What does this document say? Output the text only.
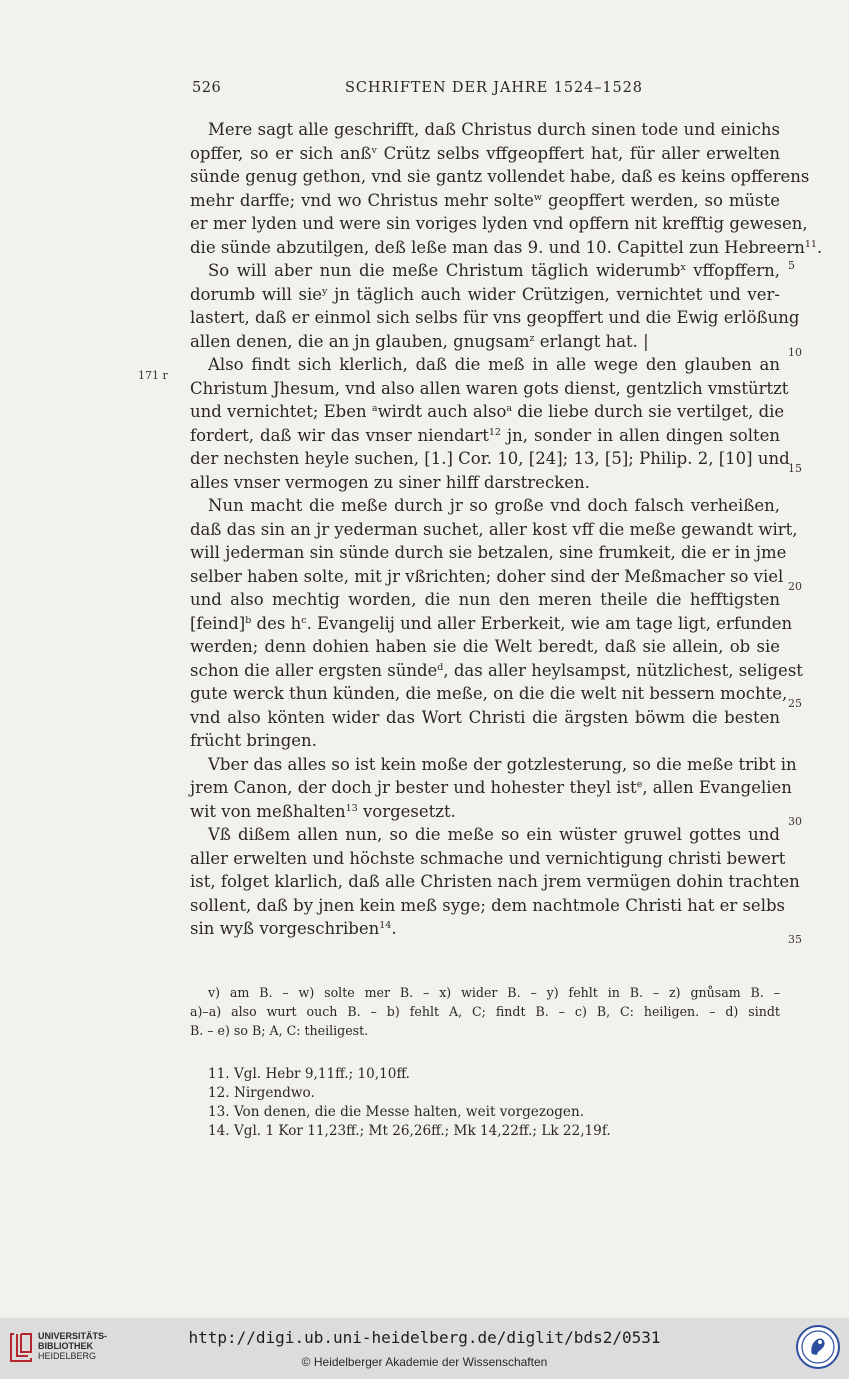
526	SCHRIFTEN DER JAHRE 1524–1528
Mere sagt alle geschrifft, daß Christus durch sinen tode und einichs
opffer, so er sich anß$^v$ Crütz selbs vffgeopffert hat, für aller erwelten
sünde genug gethon, vnd sie gantz vollendet habe, daß es keins opfferens
mehr darffe; vnd wo Christus mehr solte$^w$ geopffert werden, so müste
er mer lyden und were sin voriges lyden vnd opffern nit krefftig gewesen,
die sünde abzutilgen, deß leße man das 9. und 10. Capittel zun Hebreern$^{11}$.
So will aber nun die meße Christum täglich widerumb$^x$ vffopffern,
dorumb will sie$^y$ jn täglich auch wider Crützigen, vernichtet und ver-
lastert, daß er einmol sich selbs für vns geopffert und die Ewig erlößung
allen denen, die an jn glauben, gnugsam$^z$ erlangt hat. |
Also findt sich klerlich, daß die meß in alle wege den glauben an
Christum Jhesum, vnd also allen waren gots dienst, gentzlich vmstürtzt
und vernichtet; Eben $^a$wirdt auch also$^a$ die liebe durch sie vertilget, die
fordert, daß wir das vnser niendart$^{12}$ jn, sonder in allen dingen solten
der nechsten heyle suchen, [1.] Cor. 10, [24]; 13, [5]; Philip. 2, [10] und
alles vnser vermogen zu siner hilff darstrecken.
Nun macht die meße durch jr so große vnd doch falsch verheißen,
daß das sin an jr yederman suchet, aller kost vff die meße gewandt wirt,
will jederman sin sünde durch sie betzalen, sine frumkeit, die er in jme
selber haben solte, mit jr vßrichten; doher sind der Meßmacher so viel
und also mechtig worden, die nun den meren theile die hefftigsten
[feind]$^b$ des $h^c$. Evangelij und aller Erberkeit, wie am tage ligt, erfunden
werden; denn dohien haben sie die Welt beredt, daß sie allein, ob sie
schon die aller ergsten sünde$^d$, das aller heylsampst, nützlichest, seligest
gute werck thun künden, die meße, on die die welt nit bessern mochte,
vnd also könten wider das Wort Christi die ärgsten böwm die besten
frücht bringen.
Vber das alles so ist kein moße der gotzlesterung, so die meße tribt in
jrem Canon, der doch jr bester und hohester theyl ist$^e$, allen Evangelien
wit von meßhalten$^{13}$ vorgesetzt.
Vß dißem allen nun, so die meße so ein wüster gruwel gottes und
aller erwelten und höchste schmache und vernichtigung christi bewert
ist, folget klarlich, daß alle Christen nach jrem vermügen dohin trachten
sollent, daß by jnen kein meß syge; dem nachtmole Christi hat er selbs
sin wyß vorgeschriben$^{14}$.
5
10
171 r
15
20
25
30
35
v) am B. – w) solte mer B. – x) wider B. – y) fehlt in B. – z) gnůsam B. –
a)–a) also wurt ouch B. – b) fehlt A, C; findt B. – c) B, C: heiligen. – d) sindt
B. – e) so B; A, C: theiligest.
11. Vgl. Hebr 9,11ff.; 10,10ff.
12. Nirgendwo.
13. Von denen, die die Messe halten, weit vorgezogen.
14. Vgl. 1 Kor 11,23ff.; Mt 26,26ff.; Mk 14,22ff.; Lk 22,19f.
UNIVERSITÄTS-
BIBLIOTHEK
HEIDELBERG
http://digi.ub.uni-heidelberg.de/diglit/bds2/0531
© Heidelberger Akademie der Wissenschaften
